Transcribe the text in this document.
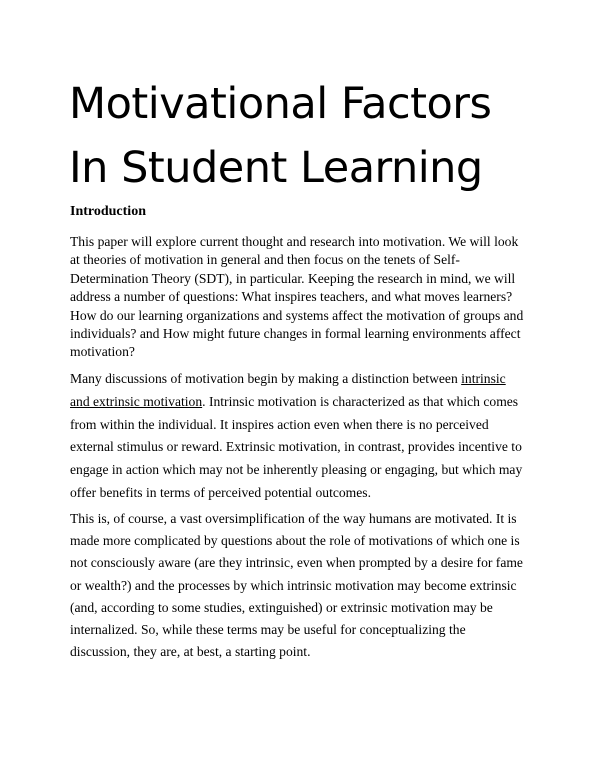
Motivational Factors
In Student Learning
Introduction
This paper will explore current thought and research into motivation. We will look
at theories of motivation in general and then focus on the tenets of Self-
Determination Theory (SDT), in particular. Keeping the research in mind, we will
address a number of questions: What inspires teachers, and what moves learners?
How do our learning organizations and systems affect the motivation of groups and
individuals? and How might future changes in formal learning environments affect
motivation?
Many discussions of motivation begin by making a distinction between intrinsic
and extrinsic motivation. Intrinsic motivation is characterized as that which comes
from within the individual. It inspires action even when there is no perceived
external stimulus or reward. Extrinsic motivation, in contrast, provides incentive to
engage in action which may not be inherently pleasing or engaging, but which may
offer benefits in terms of perceived potential outcomes.
This is, of course, a vast oversimplification of the way humans are motivated. It is
made more complicated by questions about the role of motivations of which one is
not consciously aware (are they intrinsic, even when prompted by a desire for fame
or wealth?) and the processes by which intrinsic motivation may become extrinsic
(and, according to some studies, extinguished) or extrinsic motivation may be
internalized. So, while these terms may be useful for conceptualizing the
discussion, they are, at best, a starting point.
